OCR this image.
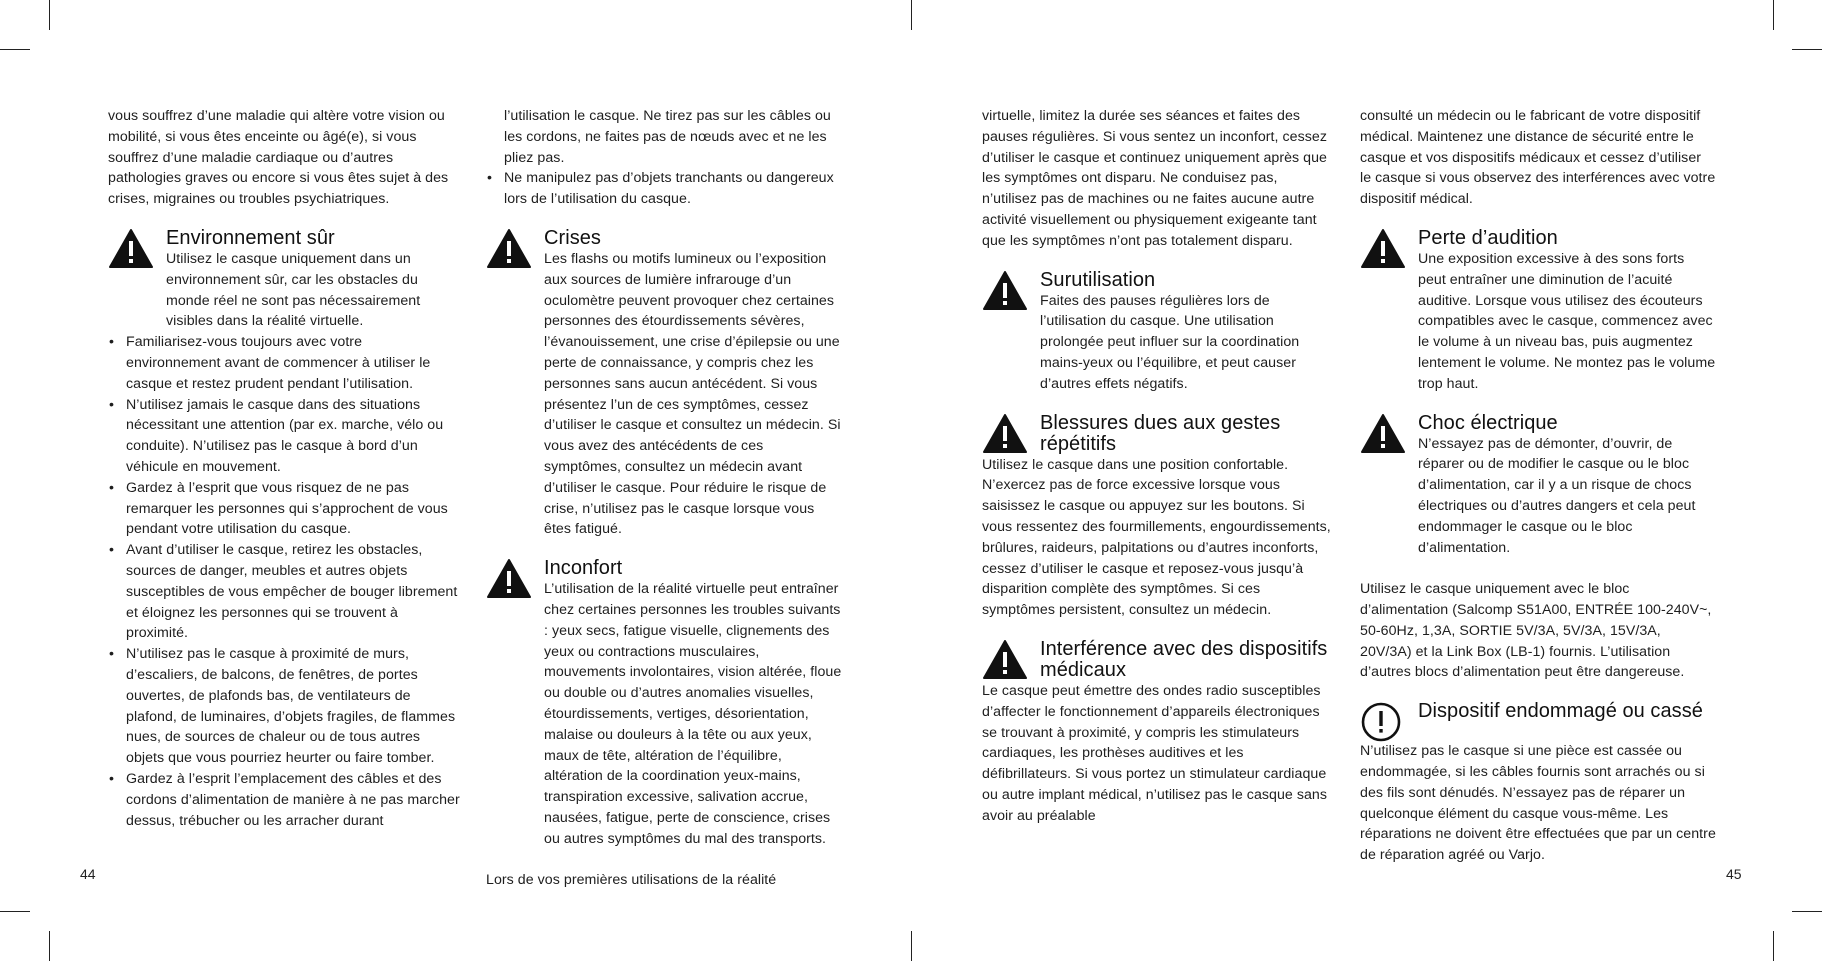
vous souffrez d’une maladie qui altère votre vision ou mobilité, si vous êtes enceinte ou âgé(e), si vous souffrez d’une maladie cardiaque ou d’autres pathologies graves ou encore si vous êtes sujet à des crises, migraines ou troubles psychiatriques.

Environnement sûr
Utilisez le casque uniquement dans un environnement sûr, car les obstacles du monde réel ne sont pas nécessairement visibles dans la réalité virtuelle.
• Familiarisez-vous toujours avec votre environnement avant de commencer à utiliser le casque et restez prudent pendant l’utilisation.
• N’utilisez jamais le casque dans des situations nécessitant une attention (par ex. marche, vélo ou conduite). N’utilisez pas le casque à bord d’un véhicule en mouvement.
• Gardez à l’esprit que vous risquez de ne pas remarquer les personnes qui s’approchent de vous pendant votre utilisation du casque.
• Avant d’utiliser le casque, retirez les obstacles, sources de danger, meubles et autres objets susceptibles de vous empêcher de bouger librement et éloignez les personnes qui se trouvent à proximité.
• N’utilisez pas le casque à proximité de murs, d’escaliers, de balcons, de fenêtres, de portes ouvertes, de plafonds bas, de ventilateurs de plafond, de luminaires, d’objets fragiles, de flammes nues, de sources de chaleur ou de tous autres objets que vous pourriez heurter ou faire tomber.
• Gardez à l’esprit l’emplacement des câbles et des cordons d’alimentation de manière à ne pas marcher dessus, trébucher ou les arracher durant
l’utilisation le casque. Ne tirez pas sur les câbles ou les cordons, ne faites pas de nœuds avec et ne les pliez pas.
• Ne manipulez pas d’objets tranchants ou dangereux lors de l’utilisation du casque.
Crises
Les flashs ou motifs lumineux ou l’exposition aux sources de lumière infrarouge d’un oculomètre peuvent provoquer chez certaines personnes des étourdissements sévères, l’évanouissement, une crise d’épilepsie ou une perte de connaissance, y compris chez les personnes sans aucun antécédent. Si vous présentez l’un de ces symptômes, cessez d’utiliser le casque et consultez un médecin. Si vous avez des antécédents de ces symptômes, consultez un médecin avant d’utiliser le casque. Pour réduire le risque de crise, n’utilisez pas le casque lorsque vous êtes fatigué.
Inconfort
L’utilisation de la réalité virtuelle peut entraîner chez certaines personnes les troubles suivants : yeux secs, fatigue visuelle, clignements des yeux ou contractions musculaires, mouvements involontaires, vision altérée, floue ou double ou d’autres anomalies visuelles, étourdissements, vertiges, désorientation, malaise ou douleurs à la tête ou aux yeux, maux de tête, altération de l’équilibre, altération de la coordination yeux-mains, transpiration excessive, salivation accrue, nausées, fatigue, perte de conscience, crises ou autres symptômes du mal des transports.

Lors de vos premières utilisations de la réalité

virtuelle, limitez la durée ses séances et faites des pauses régulières. Si vous sentez un inconfort, cessez d’utiliser le casque et continuez uniquement après que les symptômes ont disparu. Ne conduisez pas, n’utilisez pas de machines ou ne faites aucune autre activité visuellement ou physiquement exigeante tant que les symptômes n’ont pas totalement disparu.

Surutilisation
Faites des pauses régulières lors de l’utilisation du casque. Une utilisation prolongée peut influer sur la coordination mains-yeux ou l’équilibre, et peut causer d’autres effets négatifs.
Blessures dues aux gestes répétitifs

Utilisez le casque dans une position confortable. N’exercez pas de force excessive lorsque vous saisissez le casque ou appuyez sur les boutons. Si vous ressentez des fourmillements, engourdissements, brûlures, raideurs, palpitations ou d’autres inconforts, cessez d’utiliser le casque et reposez-vous jusqu’à disparition complète des symptômes. Si ces symptômes persistent, consultez un médecin.

Interférence avec des dispositifs médicaux

Le casque peut émettre des ondes radio susceptibles d’affecter le fonctionnement d’appareils électroniques se trouvant à proximité, y compris les stimulateurs cardiaques, les prothèses auditives et les défibrillateurs. Si vous portez un stimulateur cardiaque ou autre implant médical, n’utilisez pas le casque sans avoir au préalable

consulté un médecin ou le fabricant de votre dispositif médical. Maintenez une distance de sécurité entre le casque et vos dispositifs médicaux et cessez d’utiliser le casque si vous observez des interférences avec votre dispositif médical.

Perte d’audition
Une exposition excessive à des sons forts peut entraîner une diminution de l’acuité auditive. Lorsque vous utilisez des écouteurs compatibles avec le casque, commencez avec le volume à un niveau bas, puis augmentez lentement le volume. Ne montez pas le volume trop haut.
Choc électrique
N’essayez pas de démonter, d’ouvrir, de réparer ou de modifier le casque ou le bloc d’alimentation, car il y a un risque de chocs électriques ou d’autres dangers et cela peut endommager le casque ou le bloc d’alimentation.

Utilisez le casque uniquement avec le bloc d’alimentation (Salcomp S51A00, ENTRÉE 100-240V~, 50-60Hz, 1,3A, SORTIE 5V/3A, 5V/3A, 15V/3A, 20V/3A) et la Link Box (LB-1) fournis. L’utilisation d’autres blocs d’alimentation peut être dangereuse.

Dispositif endommagé ou cassé

N’utilisez pas le casque si une pièce est cassée ou endommagée, si les câbles fournis sont arrachés ou si des fils sont dénudés. N’essayez pas de réparer un quelconque élément du casque vous-même. Les réparations ne doivent être effectuées que par un centre de réparation agréé ou Varjo.

44	45
